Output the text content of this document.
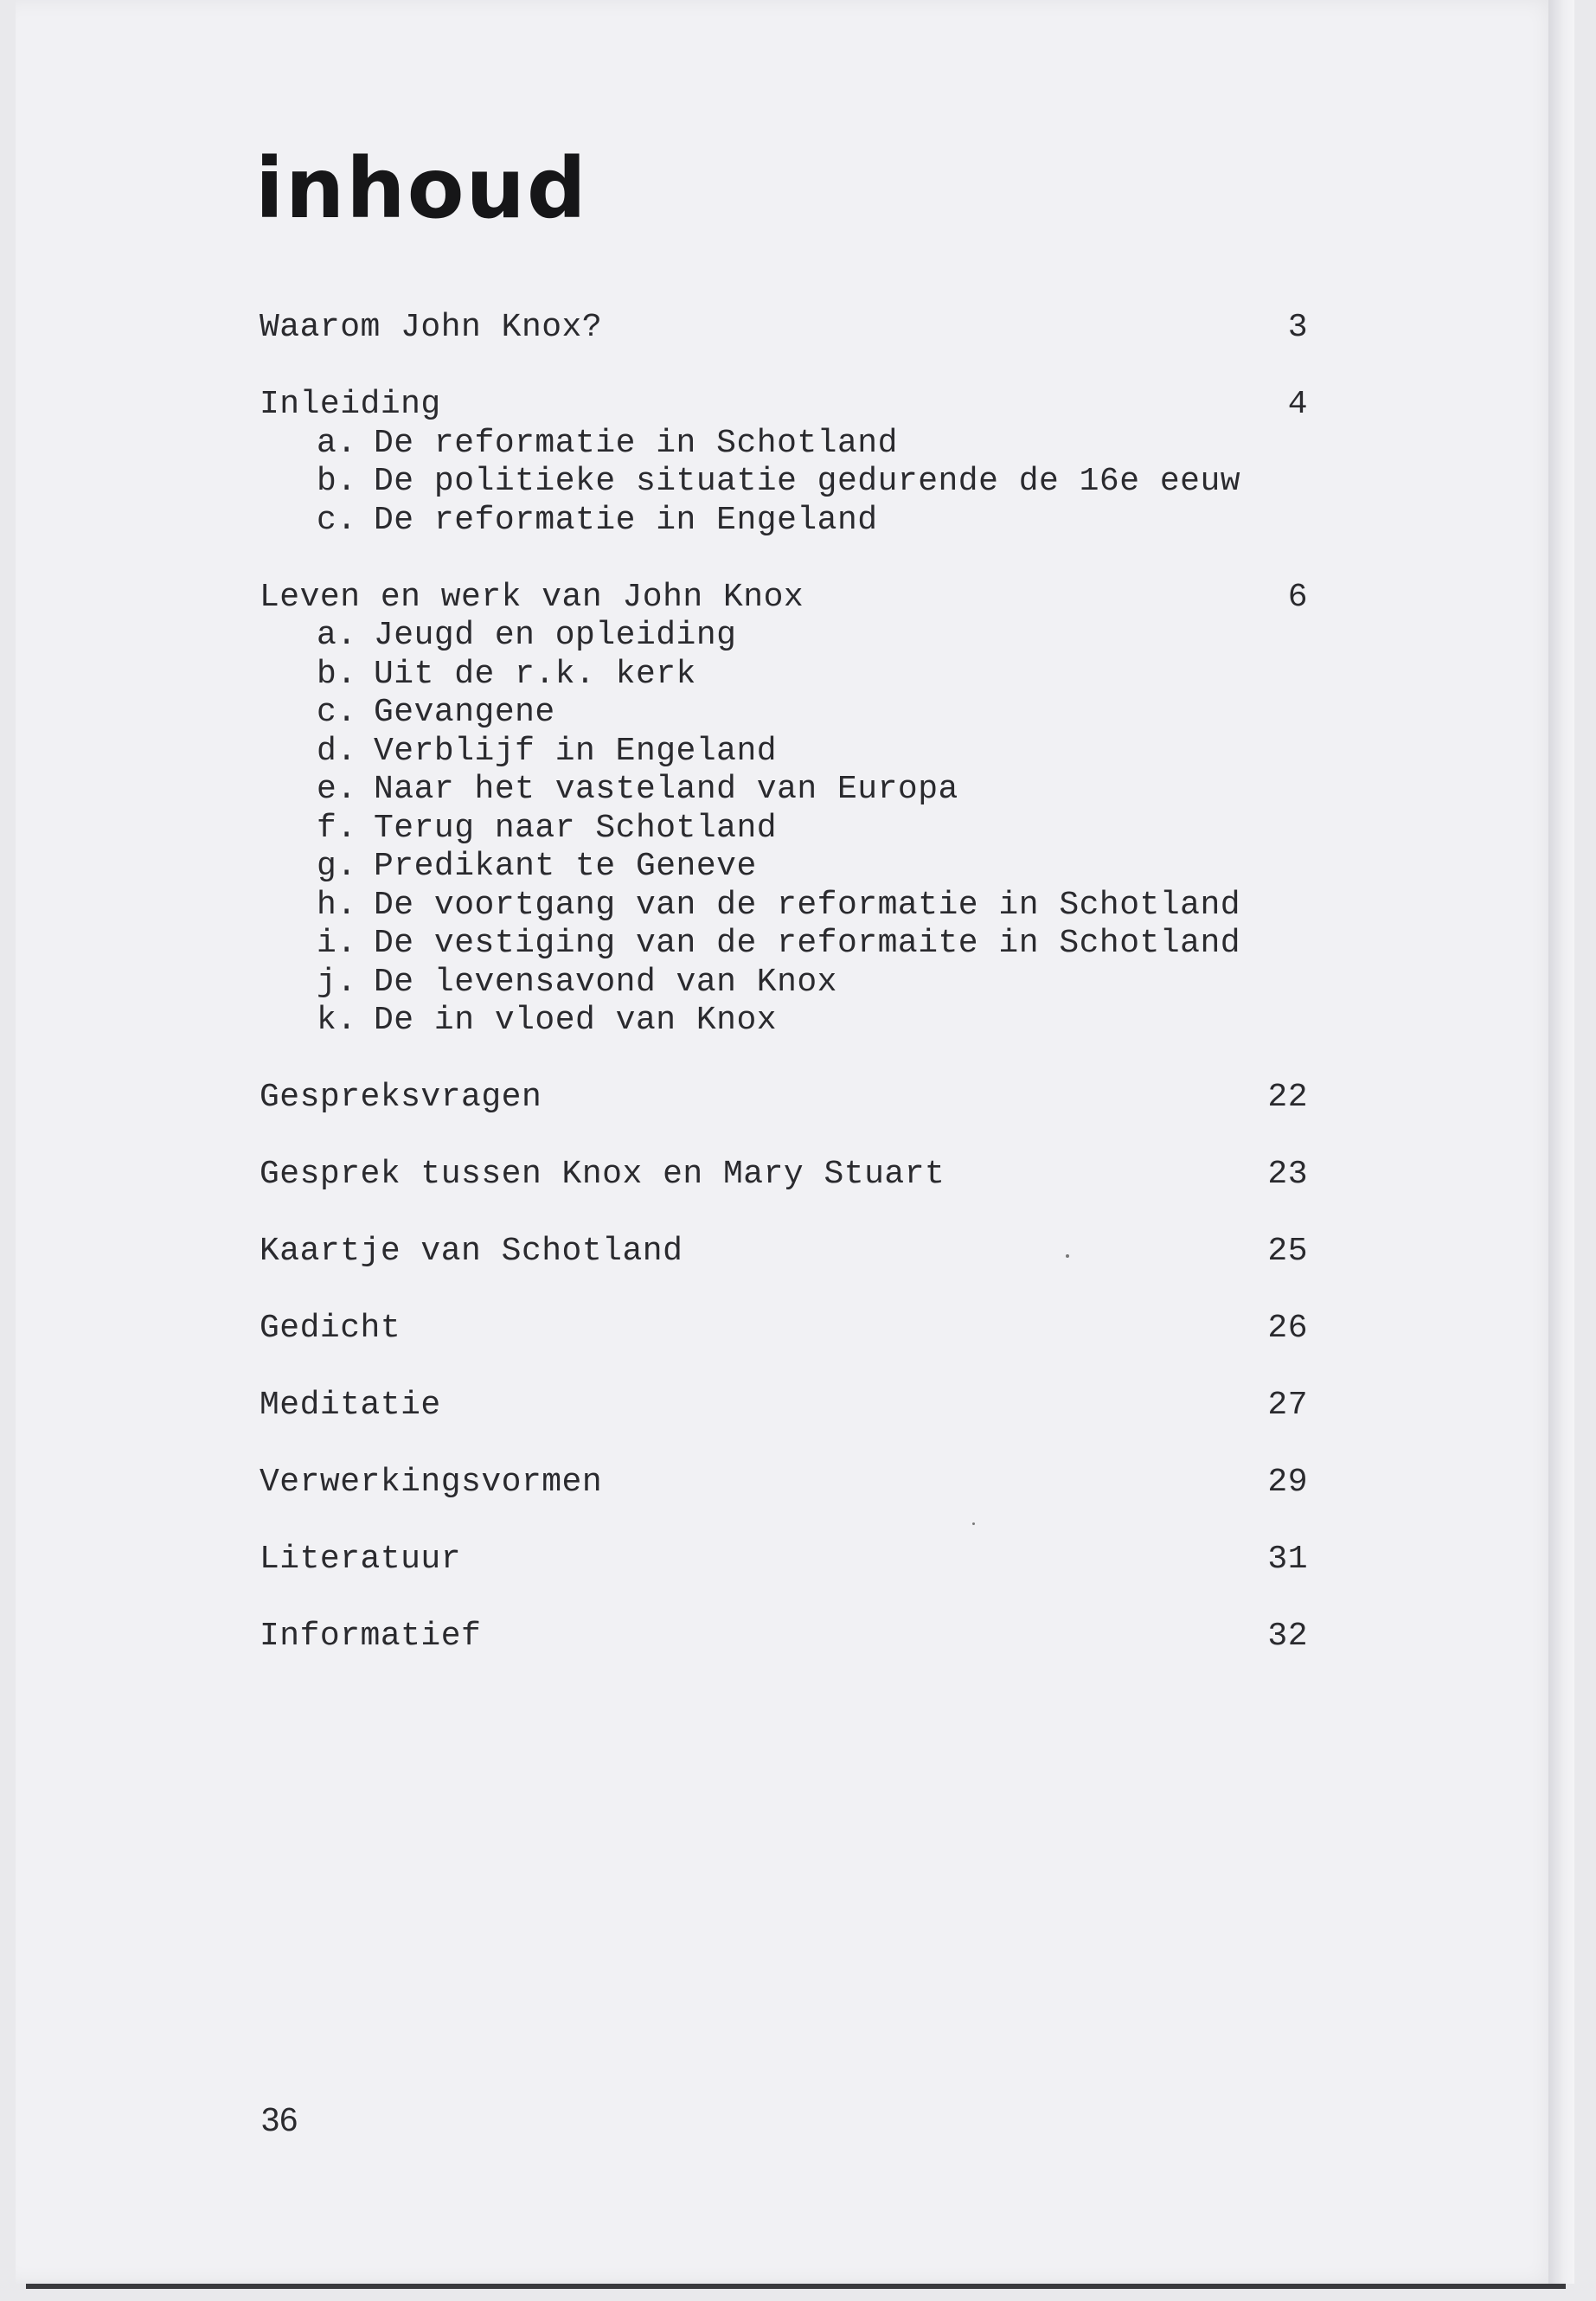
inhoud
Waarom John Knox?	3
Inleiding	4
a. De reformatie in Schotland
b. De politieke situatie gedurende de 16e eeuw
c. De reformatie in Engeland
Leven en werk van John Knox	6
a. Jeugd en opleiding
b. Uit de r.k. kerk
c. Gevangene
d. Verblijf in Engeland
e. Naar het vasteland van Europa
f. Terug naar Schotland
g. Predikant te Geneve
h. De voortgang van de reformatie in Schotland
i. De vestiging van de reformaite in Schotland
j. De levensavond van Knox
k. De in vloed van Knox
Gespreksvragen	22
Gesprek tussen Knox en Mary Stuart	23
Kaartje van Schotland	25
Gedicht	26
Meditatie	27
Verwerkingsvormen	29
Literatuur	31
Informatief	32
36
